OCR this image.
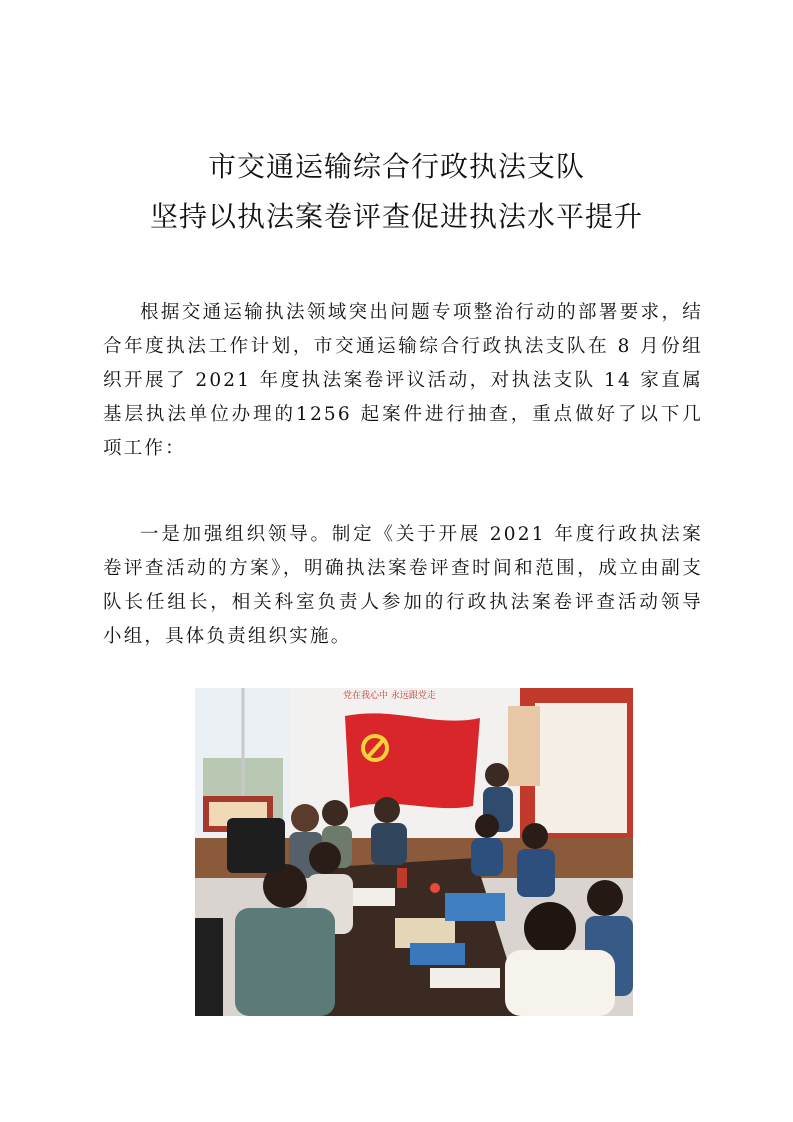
市交通运输综合行政执法支队
坚持以执法案卷评查促进执法水平提升
根据交通运输执法领域突出问题专项整治行动的部署要求，结合年度执法工作计划，市交通运输综合行政执法支队在 8 月份组织开展了 2021 年度执法案卷评议活动，对执法支队 14 家直属基层执法单位办理的1256 起案件进行抽查，重点做好了以下几项工作：
一是加强组织领导。制定《关于开展 2021 年度行政执法案卷评查活动的方案》，明确执法案卷评查时间和范围，成立由副支队长任组长，相关科室负责人参加的行政执法案卷评查活动领导小组，具体负责组织实施。
党在我心中 永远跟党走
